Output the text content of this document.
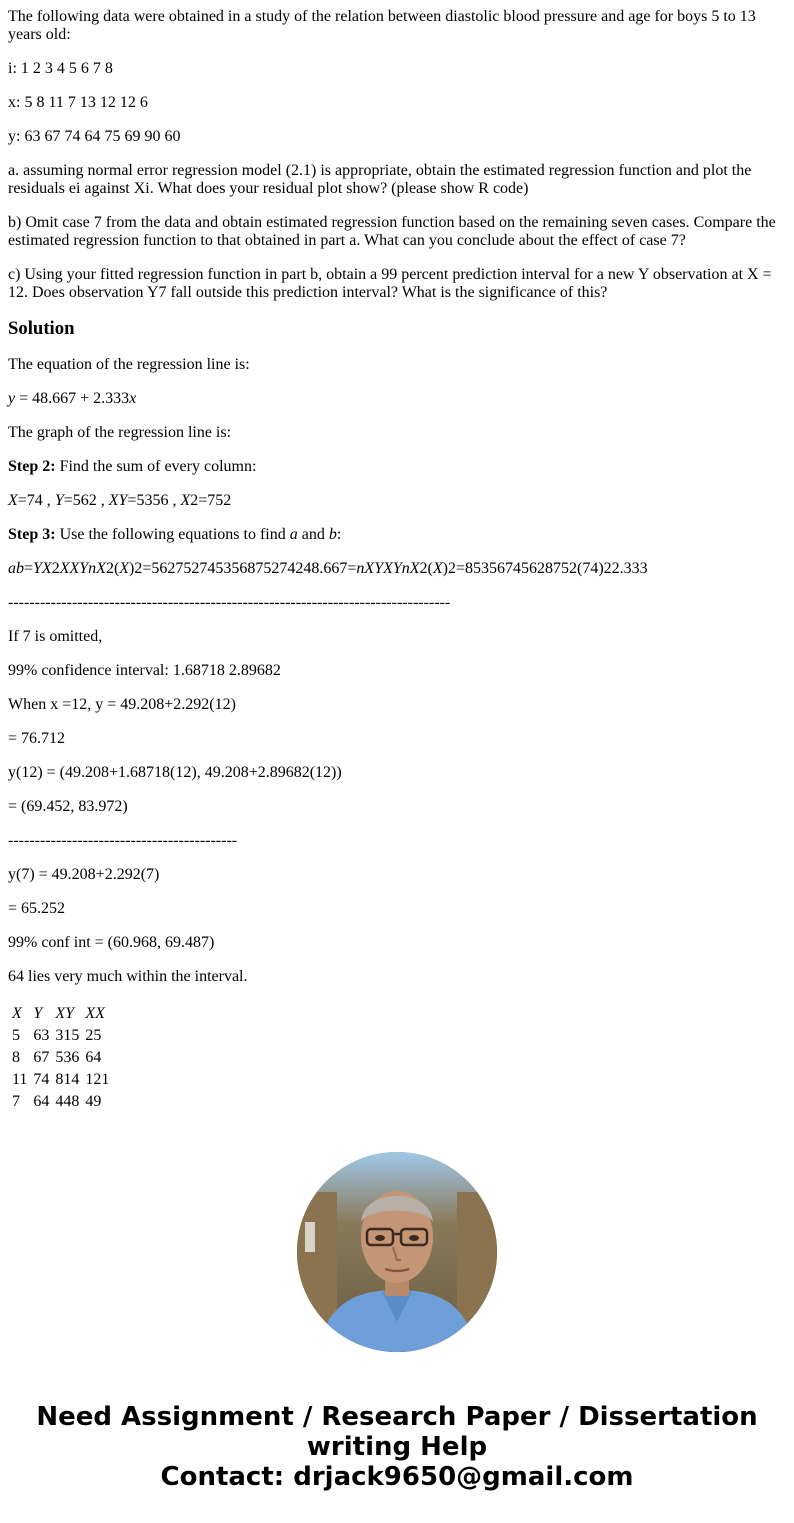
The following data were obtained in a study of the relation between diastolic blood pressure and age for boys 5 to 13 years old:

i: 1 2 3 4 5 6 7 8

x: 5 8 11 7 13 12 12 6

y: 63 67 74 64 75 69 90 60

a. assuming normal error regression model (2.1) is appropriate, obtain the estimated regression function and plot the residuals ei against Xi. What does your residual plot show? (please show R code)

b) Omit case 7 from the data and obtain estimated regression function based on the remaining seven cases. Compare the estimated regression function to that obtained in part a. What can you conclude about the effect of case 7?

c) Using your fitted regression function in part b, obtain a 99 percent prediction interval for a new Y observation at X = 12. Does observation Y7 fall outside this prediction interval? What is the significance of this?

Solution

The equation of the regression line is:

y = 48.667 + 2.333x

The graph of the regression line is:

Step 2: Find the sum of every column:

X=74 , Y=562 , XY=5356 , X2=752

Step 3: Use the following equations to find a and b:

ab=YX2XXYnX2(X)2=562752745356875274248.667=nXYXYnX2(X)2=85356745628752(74)22.333

-----------------------------------------------------------------------------------

If 7 is omitted,

99% confidence interval: 1.68718 2.89682

When x =12, y = 49.208+2.292(12)

= 76.712

y(12) = (49.208+1.68718(12), 49.208+2.89682(12))

= (69.452, 83.972)

-------------------------------------------

y(7) = 49.208+2.292(7)

= 65.252

99% conf int = (60.968, 69.487)

64 lies very much within the interval.

X	Y	XY	XX
5	63	315	25
8	67	536	64
11	74	814	121
7	64	448	49
Need Assignment / Research Paper / Dissertation
writing Help
Contact: drjack9650@gmail.com
